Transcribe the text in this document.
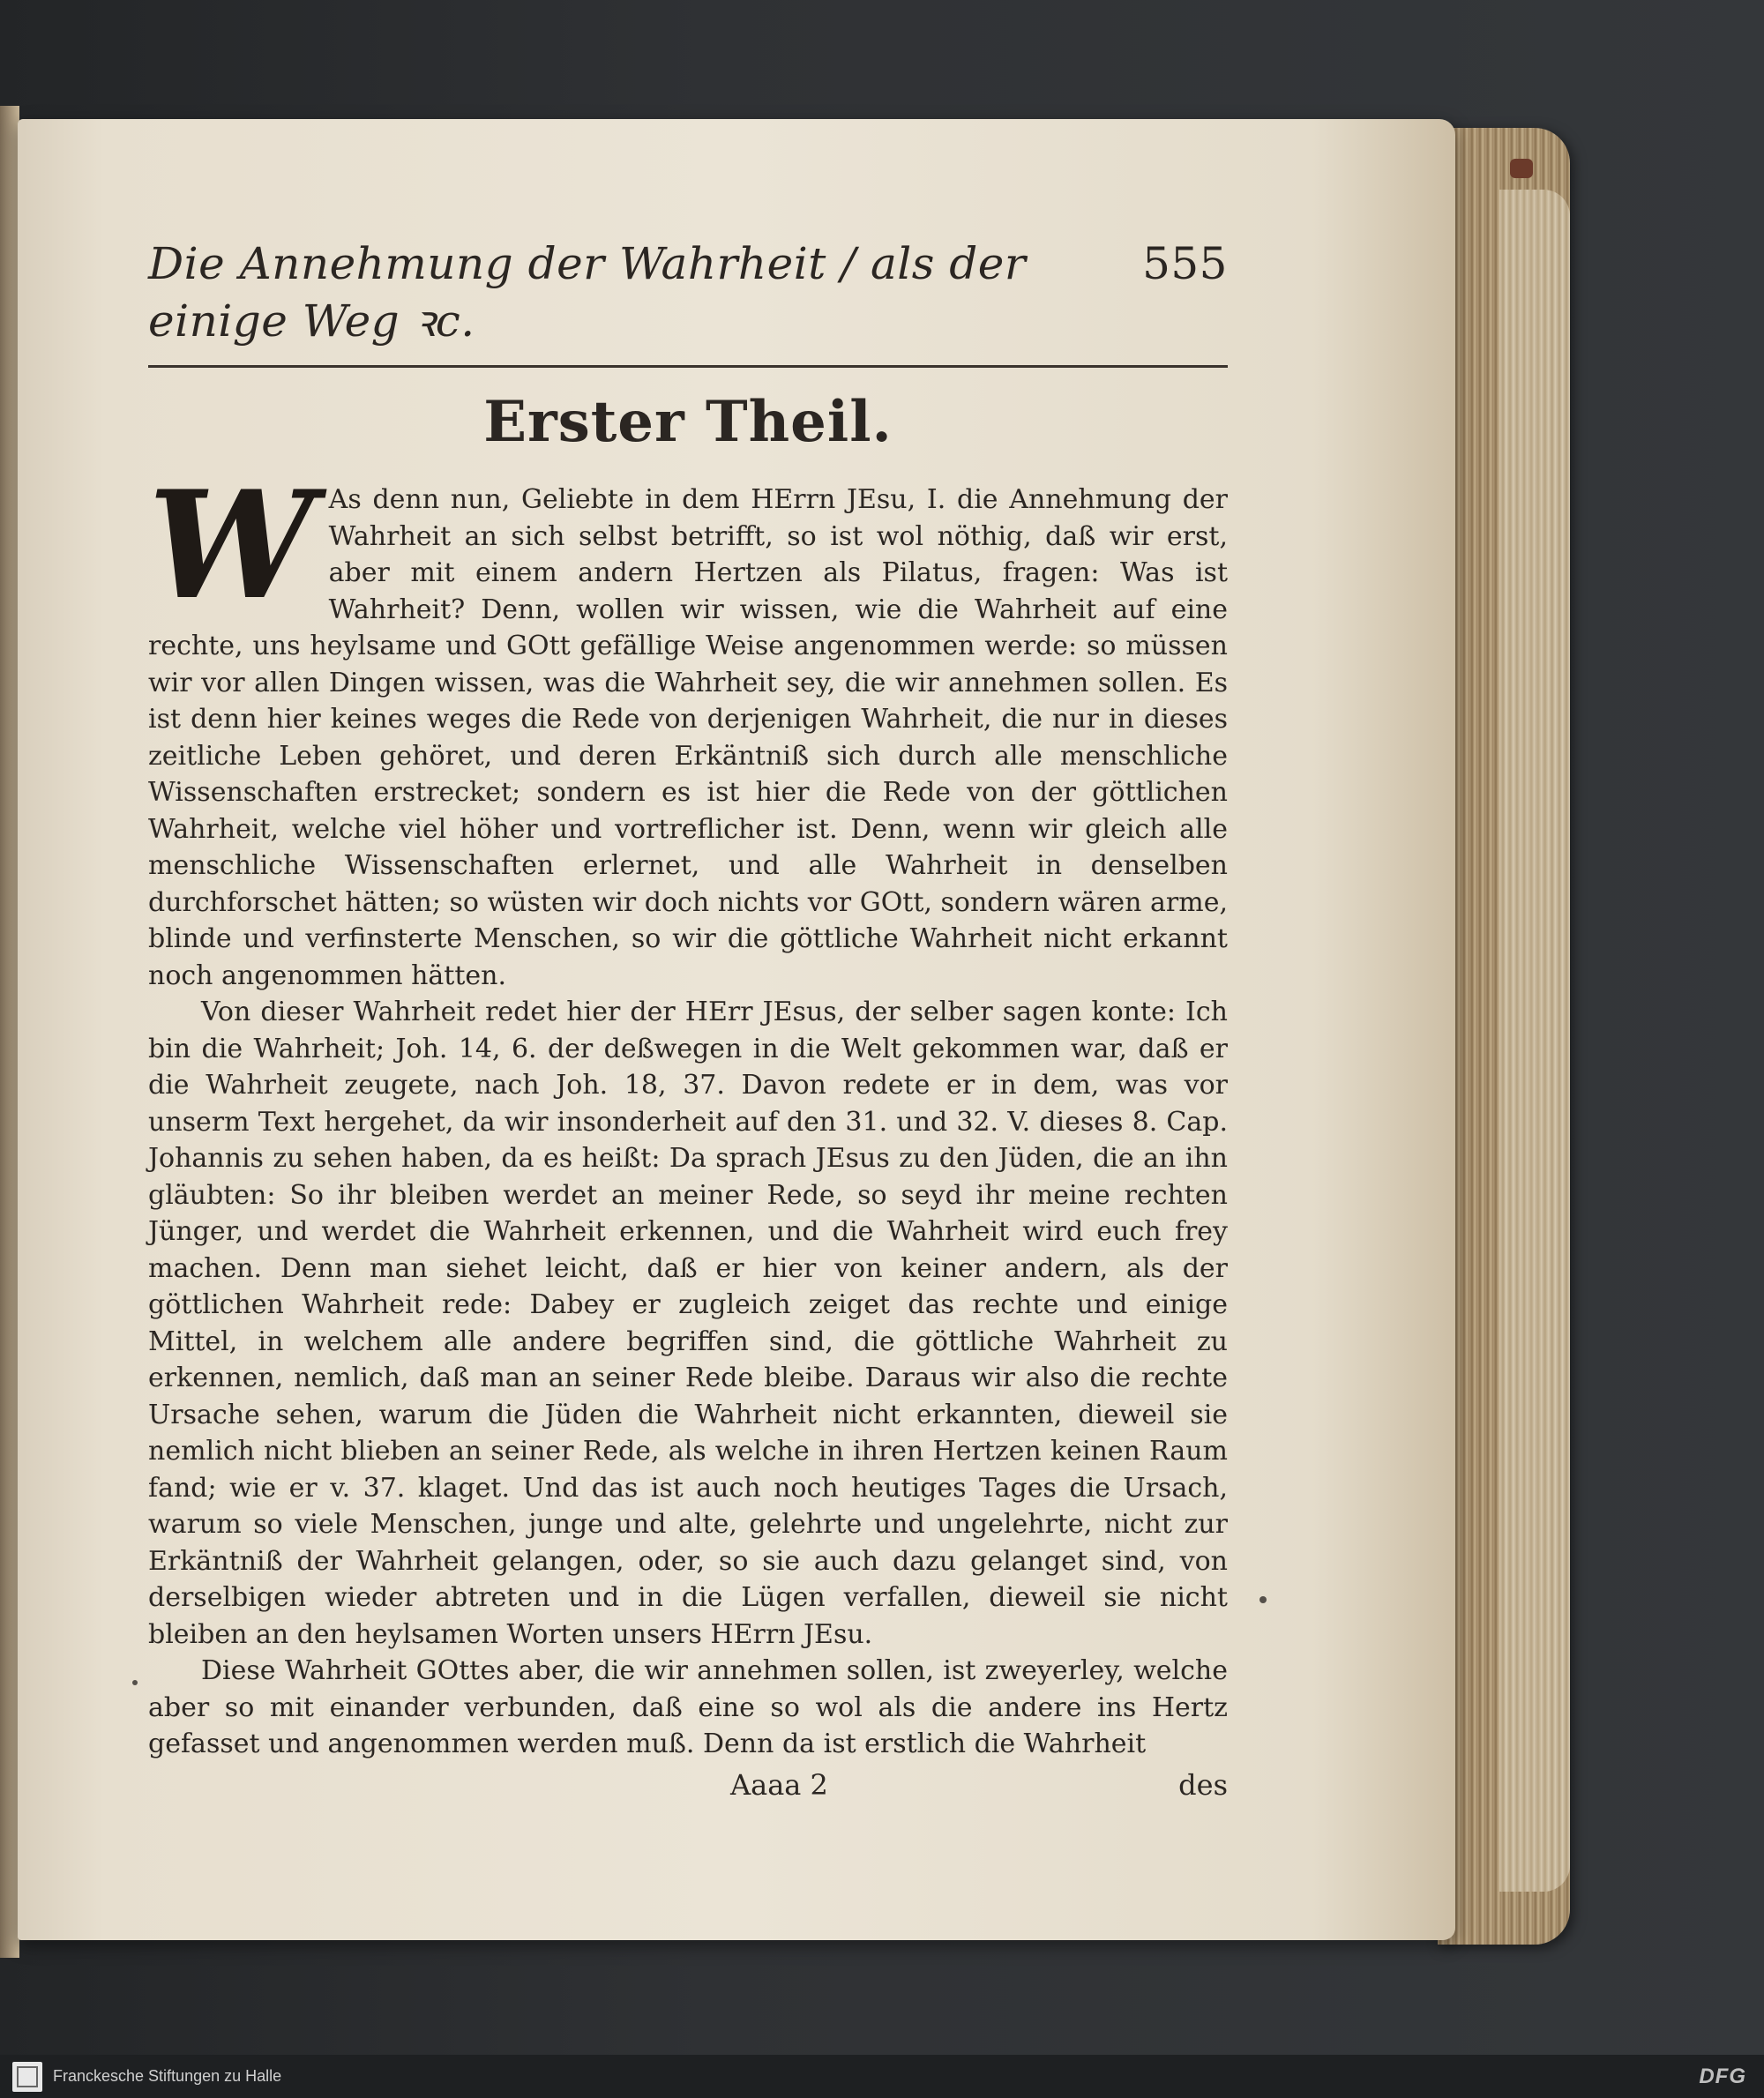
Die Annehmung der Wahrheit / als der einige Weg ꝛc.
555
Erster Theil.

W As denn nun, Geliebte in dem HErrn JEsu, I. die Annehmung der Wahrheit an sich selbst betrifft, so ist wol nöthig, daß wir erst, aber mit einem andern Hertzen als Pilatus, fragen: Was ist Wahrheit? Denn, wollen wir wissen, wie die Wahrheit auf eine rechte, uns heylsame und GOtt gefällige Weise angenommen werde: so müssen wir vor allen Dingen wissen, was die Wahrheit sey, die wir annehmen sollen. Es ist denn hier keines weges die Rede von derjenigen Wahrheit, die nur in dieses zeitliche Leben gehöret, und deren Erkäntniß sich durch alle menschliche Wissenschaften erstrecket; sondern es ist hier die Rede von der göttlichen Wahrheit, welche viel höher und vortreflicher ist. Denn, wenn wir gleich alle menschliche Wissenschaften erlernet, und alle Wahrheit in denselben durchforschet hätten; so wüsten wir doch nichts vor GOtt, sondern wären arme, blinde und verfinsterte Menschen, so wir die göttliche Wahrheit nicht erkannt noch angenommen hätten.

Von dieser Wahrheit redet hier der HErr JEsus, der selber sagen konte: Ich bin die Wahrheit; Joh. 14, 6. der deßwegen in die Welt gekommen war, daß er die Wahrheit zeugete, nach Joh. 18, 37. Davon redete er in dem, was vor unserm Text hergehet, da wir insonderheit auf den 31. und 32. V. dieses 8. Cap. Johannis zu sehen haben, da es heißt: Da sprach JEsus zu den Jüden, die an ihn gläubten: So ihr bleiben werdet an meiner Rede, so seyd ihr meine rechten Jünger, und werdet die Wahrheit erkennen, und die Wahrheit wird euch frey machen. Denn man siehet leicht, daß er hier von keiner andern, als der göttlichen Wahrheit rede: Dabey er zugleich zeiget das rechte und einige Mittel, in welchem alle andere begriffen sind, die göttliche Wahrheit zu erkennen, nemlich, daß man an seiner Rede bleibe. Daraus wir also die rechte Ursache sehen, warum die Jüden die Wahrheit nicht erkannten, dieweil sie nemlich nicht blieben an seiner Rede, als welche in ihren Hertzen keinen Raum fand; wie er v. 37. klaget. Und das ist auch noch heutiges Tages die Ursach, warum so viele Menschen, junge und alte, gelehrte und ungelehrte, nicht zur Erkäntniß der Wahrheit gelangen, oder, so sie auch dazu gelanget sind, von derselbigen wieder abtreten und in die Lügen verfallen, dieweil sie nicht bleiben an den heylsamen Worten unsers HErrn JEsu.

Diese Wahrheit GOttes aber, die wir annehmen sollen, ist zweyerley, welche aber so mit einander verbunden, daß eine so wol als die andere ins Hertz gefasset und angenommen werden muß. Denn da ist erstlich die Wahrheit

Aaaa 2	des
Franckesche Stiftungen zu Halle	DFG
